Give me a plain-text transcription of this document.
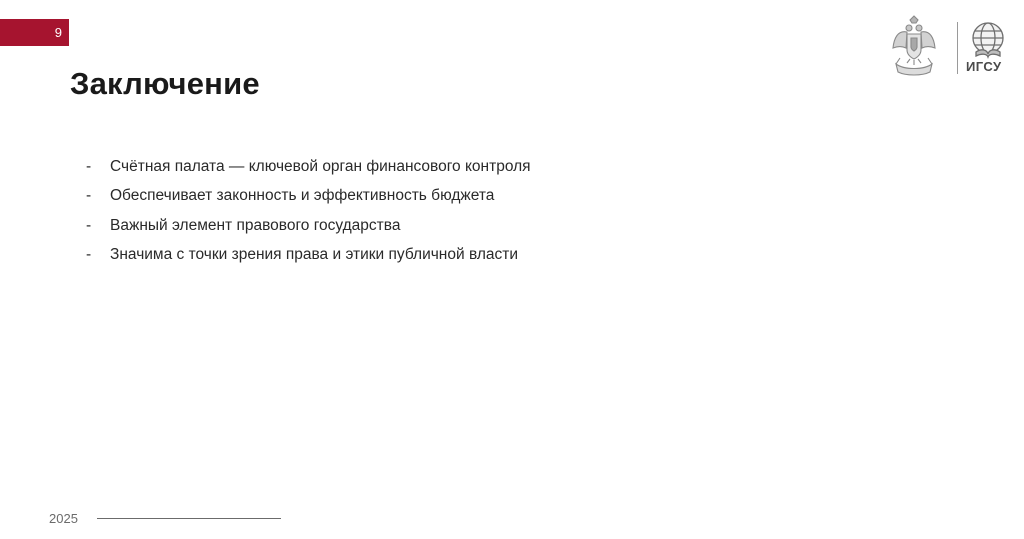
9
Заключение
-	Счётная палата — ключевой орган финансового контроля
-	Обеспечивает законность и эффективность бюджета
-	Важный элемент правового государства
-	Значима с точки зрения права и этики публичной власти
ИГСУ
2025
